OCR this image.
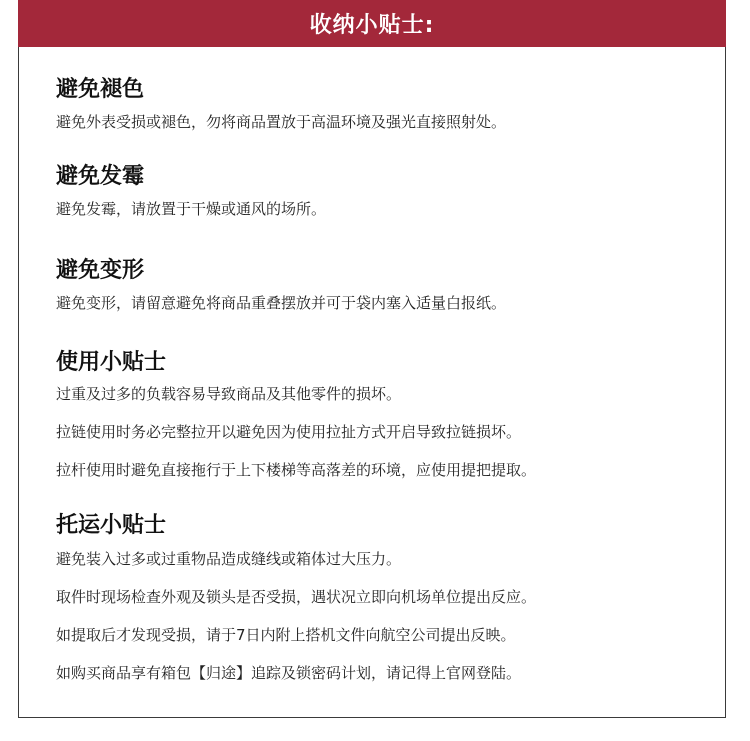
收纳小贴士:
避免褪色

避免外表受损或褪色，勿将商品置放于高温环境及强光直接照射处。

避免发霉

避免发霉，请放置于干燥或通风的场所。

避免变形

避免变形，请留意避免将商品重叠摆放并可于袋内塞入适量白报纸。

使用小贴士

过重及过多的负载容易导致商品及其他零件的损坏。

拉链使用时务必完整拉开以避免因为使用拉扯方式开启导致拉链损坏。

拉杆使用时避免直接拖行于上下楼梯等高落差的环境，应使用提把提取。

托运小贴士

避免装入过多或过重物品造成缝线或箱体过大压力。

取件时现场检查外观及锁头是否受损，遇状况立即向机场单位提出反应。

如提取后才发现受损，请于7日内附上搭机文件向航空公司提出反映。

如购买商品享有箱包【归途】追踪及锁密码计划，请记得上官网登陆。
